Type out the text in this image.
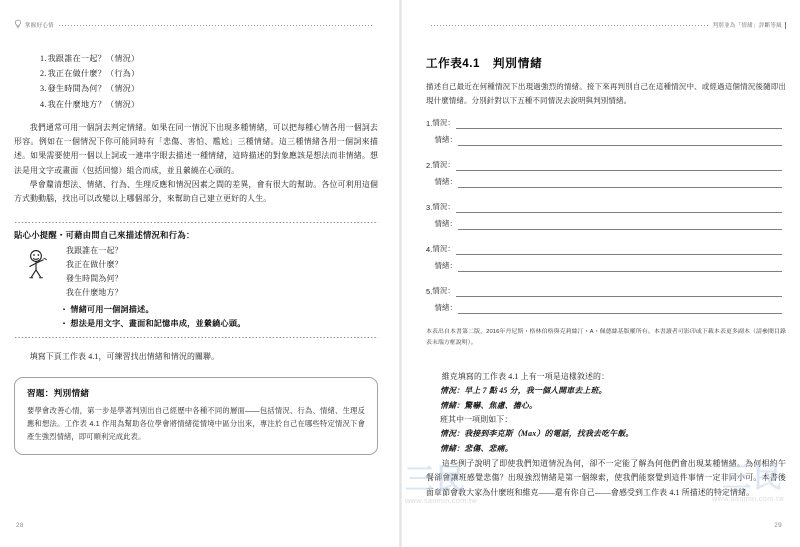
掌握好心情
1.我跟誰在一起？（情況）
2.我正在做什麼？（行為）
3.發生時間為何？（情況）
4.我在什麼地方？（情況）

我們通常可用一個詞去判定情緒。如果在同一情況下出現多種情緒，可以把每種心情各用一個詞去形容。例如在一個情況下你可能同時有「悲傷、害怕、尷尬」三種情緒。這三種情緒各用一個詞來描述。如果需要使用一個以上詞或一連串字眼去描述一種情緒，這時描述的對象應該是想法而非情緒。想法是用文字或畫面（包括回憶）組合而成，並且縈繞在心頭的。

學會釐清想法、情緒、行為、生理反應和情況因素之間的差異，會有很大的幫助。各位可利用這個方式動動腦，找出可以改變以上哪個部分，來幫助自己建立更好的人生。

貼心小提醒・可藉由問自己來描述情況和行為：
我跟誰在一起？
我正在做什麼？
發生時間為何？
我在什麼地方？
・ 情緒可用一個詞描述。
・ 想法是用文字、畫面和記憶串成，並縈繞心頭。
填寫下頁工作表 4.1，可練習找出情緒和情況的關聯。
習題：判別情緒
要學會改善心情，第一步是學著判別出自己經歷中各種不同的層面——包括情況、行為、情緒、生理反應和想法。工作表 4.1 作用為幫助各位學會將情緒從情境中區分出來，專注於自己在哪些特定情況下會產生強烈情緒，即可順利完成此表。
28
判別並為「情緒」評斷等級
工作表4.1 判別情緒
描述自己最近在何種情況下出現過強烈的情緒。接下來再判別自己在這種情況中、或經過這個情況後隨即出現什麼情緒。分別針對以下五種不同情況去說明與判別情緒。
1. 情況：
情緒：
2. 情況：
情緒：
3. 情況：
情緒：
4. 情況：
情緒：
5. 情況：
情緒：
本表出自本書第二版，2016年丹尼斯・格林伯格與克莉絲汀・A・佩德絲基版權所有。本書讀者可影印或下載本表更多副本（請參閱目錄表末端方框說明）。
維克填寫的工作表 4.1 上有一項是這樣敘述的：
情況：早上 7 點 45 分，我一個人開車去上班。
情緒：驚嚇、焦慮、擔心。
班其中一項則如下：
情況：我接到李克斯（Max）的電話，找我去吃午飯。
情緒：悲傷、悲痛。
這些例子說明了即使我們知道情況為何，卻不一定能了解為何他們會出現某種情緒。為何相約午餐卻會讓班感覺悲傷？出現強烈情緒是第一個線索，使我們能察覺到這件事情一定非同小可。本書後面章節會教大家為什麼班和維克——還有你自己——會感受到工作表 4.1 所描述的特定情緒。
29
三民
www.sanmin.com.tw
三民
www.sanmin.com.tw
